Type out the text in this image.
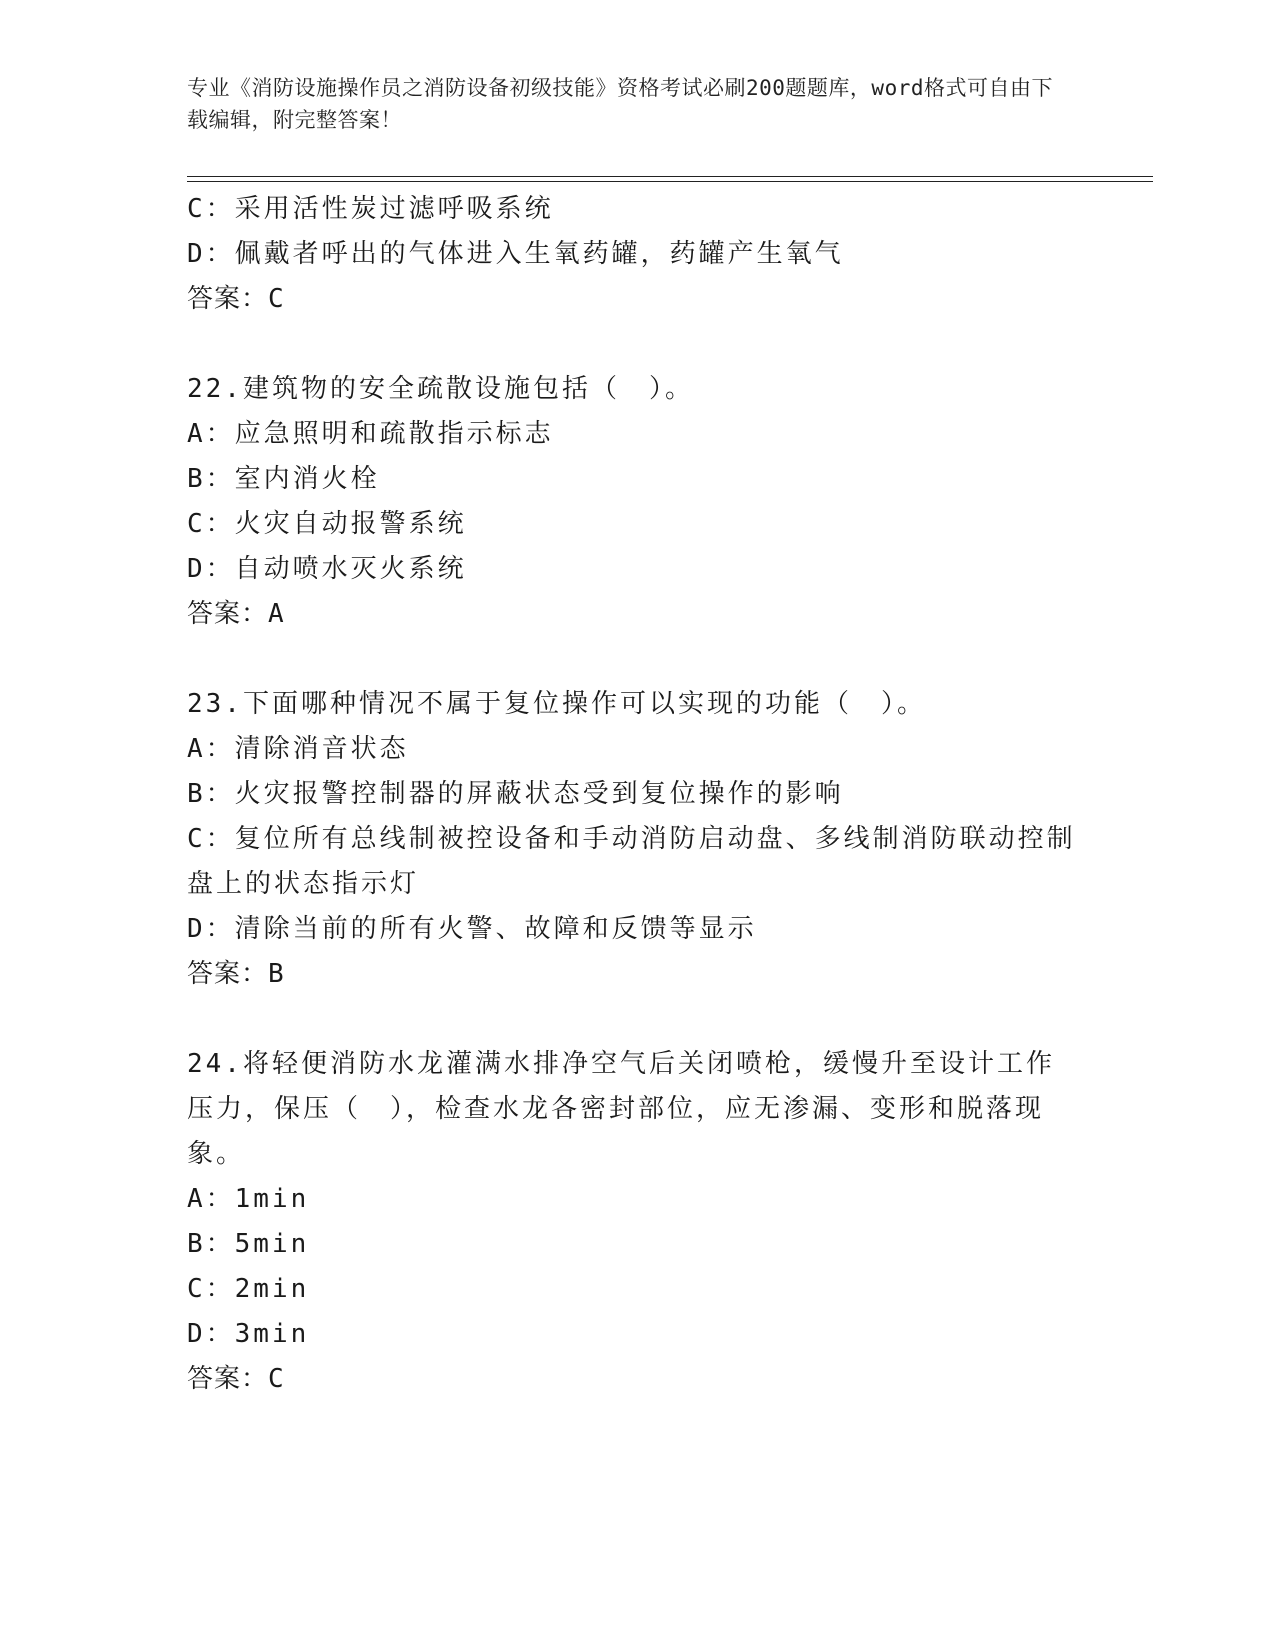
专业《消防设施操作员之消防设备初级技能》资格考试必刷200题题库，word格式可自由下载编辑，附完整答案！
C：采用活性炭过滤呼吸系统
D：佩戴者呼出的气体进入生氧药罐，药罐产生氧气
答案：C
22.建筑物的安全疏散设施包括（　）。
A：应急照明和疏散指示标志
B：室内消火栓
C：火灾自动报警系统
D：自动喷水灭火系统
答案：A
23.下面哪种情况不属于复位操作可以实现的功能（　）。
A：清除消音状态
B：火灾报警控制器的屏蔽状态受到复位操作的影响
C：复位所有总线制被控设备和手动消防启动盘、多线制消防联动控制盘上的状态指示灯
D：清除当前的所有火警、故障和反馈等显示
答案：B
24.将轻便消防水龙灌满水排净空气后关闭喷枪，缓慢升至设计工作压力，保压（　），检查水龙各密封部位，应无渗漏、变形和脱落现象。
A：1min
B：5min
C：2min
D：3min
答案：C
